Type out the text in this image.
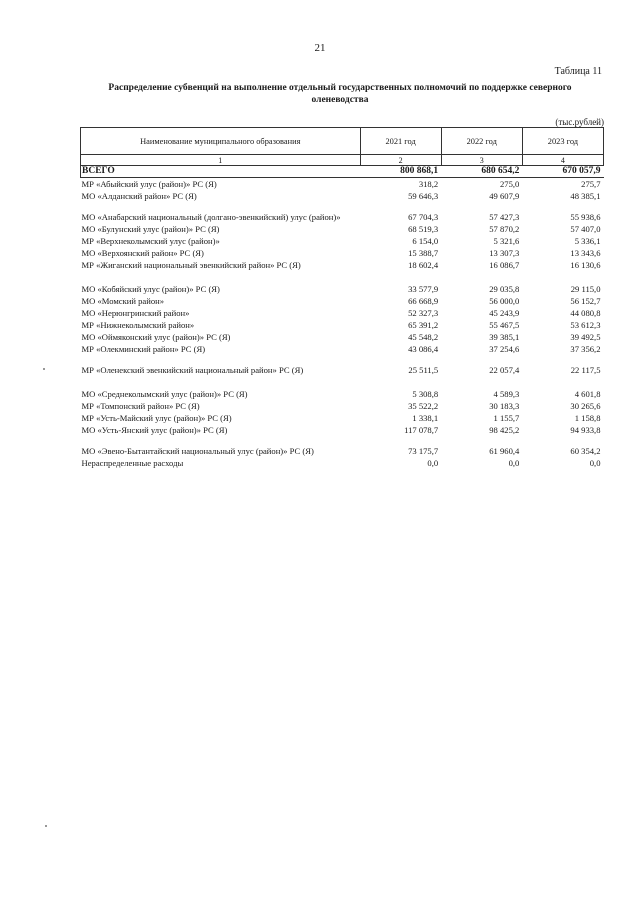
21
Таблица 11
Распределение субвенций на выполнение отдельный государственных полномочий по поддержке северного оленеводства
(тыс.рублей)
Наименование муниципального образования	2021 год	2022 год	2023 год
1	2	3	4
ВСЕГО	800 868,1	680 654,2	670 057,9
МР «Абыйский улус (район)» РС (Я)	318,2	275,0	275,7
МО «Алданский район» РС (Я)	59 646,3	49 607,9	48 385,1
МО «Анабарский национальный (долгано-эвенкийский) улус (район)»	67 704,3	57 427,3	55 938,6
МО «Булунский улус (район)» РС (Я)	68 519,3	57 870,2	57 407,0
МР «Верхнеколымский улус (район)»	6 154,0	5 321,6	5 336,1
МО «Верхоянский район» РС (Я)	15 388,7	13 307,3	13 343,6
МР «Жиганский национальный эвенкийский район» РС (Я)	18 602,4	16 086,7	16 130,6

МО «Кобяйский улус (район)» РС (Я)	33 577,9	29 035,8	29 115,0
МО «Момский район»	66 668,9	56 000,0	56 152,7
МО «Нерюнгринский район»	52 327,3	45 243,9	44 080,8
МР «Нижнеколымский район»	65 391,2	55 467,5	53 612,3
МО «Оймяконский улус (район)» РС (Я)	45 548,2	39 385,1	39 492,5
МР «Олекминский район» РС (Я)	43 086,4	37 254,6	37 356,2
МР «Оленекский эвенкийский национальный район» РС (Я)	25 511,5	22 057,4	22 117,5

МО «Среднеколымский улус (район)» РС (Я)	5 308,8	4 589,3	4 601,8
МР «Томпонский район» РС (Я)	35 522,2	30 183,3	30 265,6
МР «Усть-Майский улус (район)» РС (Я)	1 338,1	1 155,7	1 158,8
МО «Усть-Янский улус (район)» РС (Я)	117 078,7	98 425,2	94 933,8
МО «Эвено-Бытантайский национальный улус (район)» РС (Я)	73 175,7	61 960,4	60 354,2
Нераспределенные расходы	0,0	0,0	0,0
